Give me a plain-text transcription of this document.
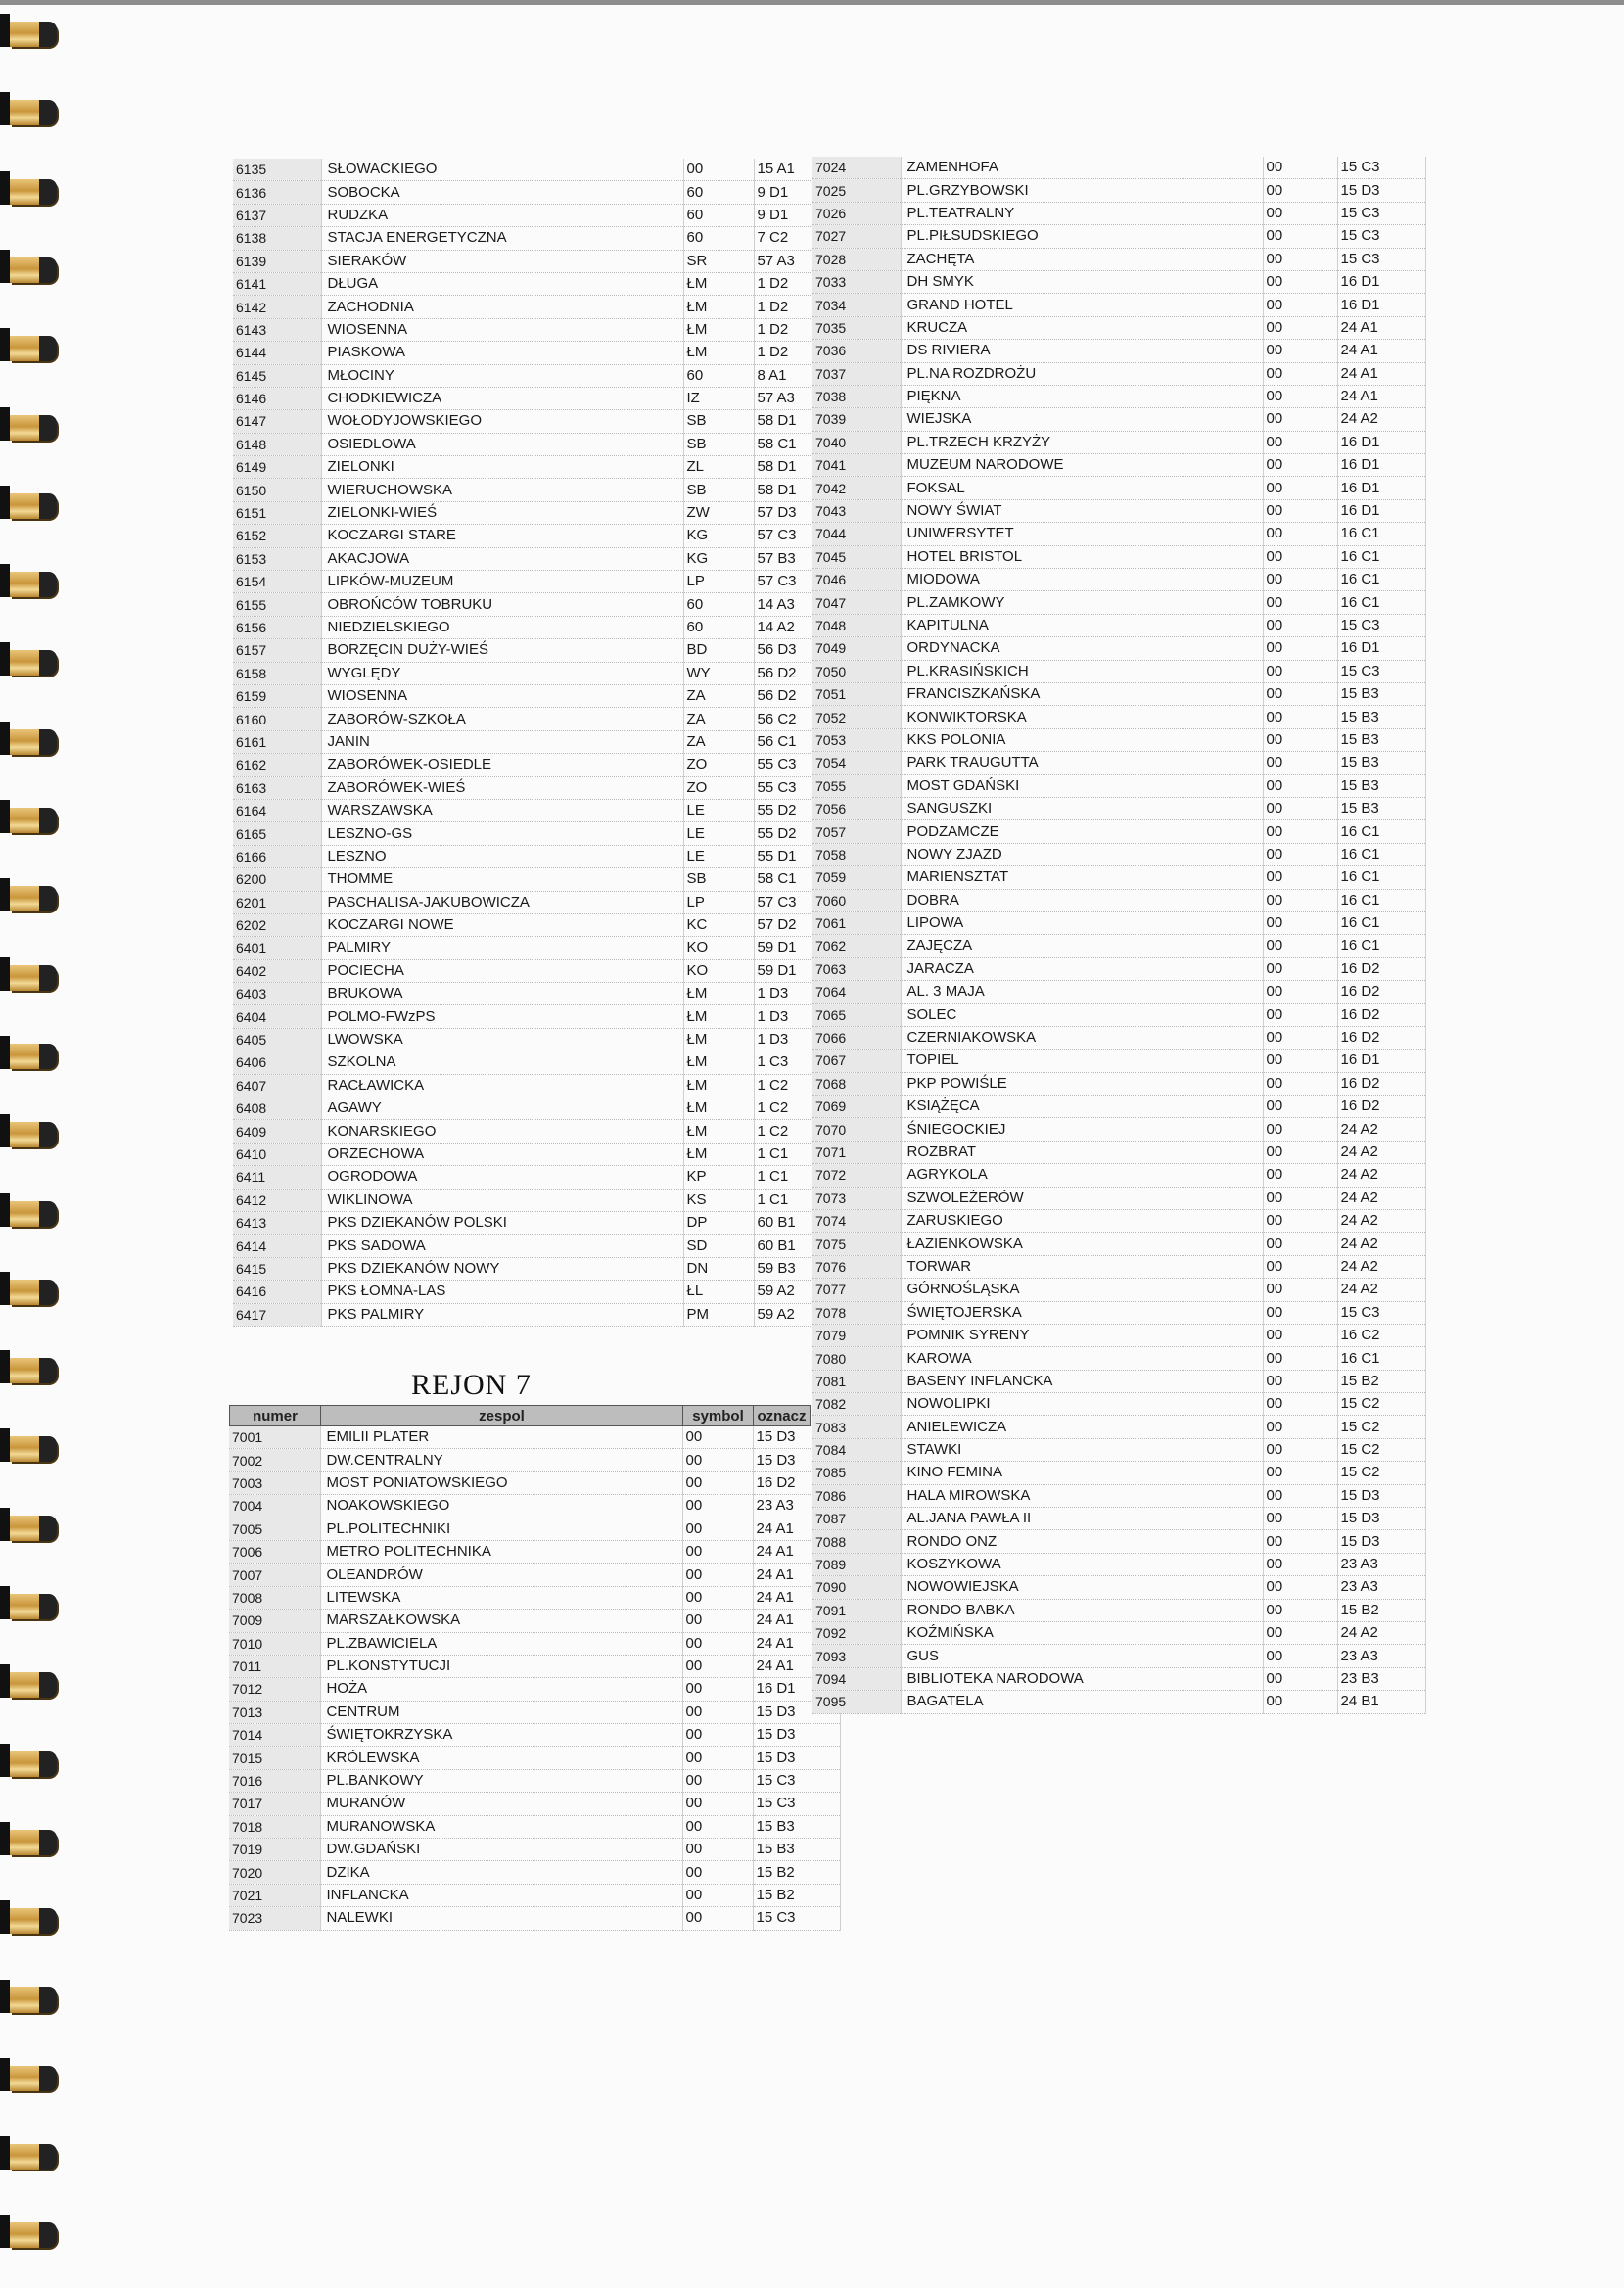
6135	SŁOWACKIEGO	00	15 A1
6136	SOBOCKA	60	9 D1
6137	RUDZKA	60	9 D1
6138	STACJA ENERGETYCZNA	60	7 C2
6139	SIERAKÓW	SR	57 A3
6141	DŁUGA	ŁM	1 D2
6142	ZACHODNIA	ŁM	1 D2
6143	WIOSENNA	ŁM	1 D2
6144	PIASKOWA	ŁM	1 D2
6145	MŁOCINY	60	8 A1
6146	CHODKIEWICZA	IZ	57 A3
6147	WOŁODYJOWSKIEGO	SB	58 D1
6148	OSIEDLOWA	SB	58 C1
6149	ZIELONKI	ZL	58 D1
6150	WIERUCHOWSKA	SB	58 D1
6151	ZIELONKI-WIEŚ	ZW	57 D3
6152	KOCZARGI STARE	KG	57 C3
6153	AKACJOWA	KG	57 B3
6154	LIPKÓW-MUZEUM	LP	57 C3
6155	OBROŃCÓW TOBRUKU	60	14 A3
6156	NIEDZIELSKIEGO	60	14 A2
6157	BORZĘCIN DUŻY-WIEŚ	BD	56 D3
6158	WYGLĘDY	WY	56 D2
6159	WIOSENNA	ZA	56 D2
6160	ZABORÓW-SZKOŁA	ZA	56 C2
6161	JANIN	ZA	56 C1
6162	ZABORÓWEK-OSIEDLE	ZO	55 C3
6163	ZABORÓWEK-WIEŚ	ZO	55 C3
6164	WARSZAWSKA	LE	55 D2
6165	LESZNO-GS	LE	55 D2
6166	LESZNO	LE	55 D1
6200	THOMME	SB	58 C1
6201	PASCHALISA-JAKUBOWICZA	LP	57 C3
6202	KOCZARGI NOWE	KC	57 D2
6401	PALMIRY	KO	59 D1
6402	POCIECHA	KO	59 D1
6403	BRUKOWA	ŁM	1 D3
6404	POLMO-FWzPS	ŁM	1 D3
6405	LWOWSKA	ŁM	1 D3
6406	SZKOLNA	ŁM	1 C3
6407	RACŁAWICKA	ŁM	1 C2
6408	AGAWY	ŁM	1 C2
6409	KONARSKIEGO	ŁM	1 C2
6410	ORZECHOWA	ŁM	1 C1
6411	OGRODOWA	KP	1 C1
6412	WIKLINOWA	KS	1 C1
6413	PKS DZIEKANÓW POLSKI	DP	60 B1
6414	PKS SADOWA	SD	60 B1
6415	PKS DZIEKANÓW NOWY	DN	59 B3
6416	PKS ŁOMNA-LAS	ŁL	59 A2
6417	PKS PALMIRY	PM	59 A2
REJON 7
numer	zespol	symbol	oznacz
7001	EMILII PLATER	00	15 D3
7002	DW.CENTRALNY	00	15 D3
7003	MOST PONIATOWSKIEGO	00	16 D2
7004	NOAKOWSKIEGO	00	23 A3
7005	PL.POLITECHNIKI	00	24 A1
7006	METRO POLITECHNIKA	00	24 A1
7007	OLEANDRÓW	00	24 A1
7008	LITEWSKA	00	24 A1
7009	MARSZAŁKOWSKA	00	24 A1
7010	PL.ZBAWICIELA	00	24 A1
7011	PL.KONSTYTUCJI	00	24 A1
7012	HOŻA	00	16 D1
7013	CENTRUM	00	15 D3
7014	ŚWIĘTOKRZYSKA	00	15 D3
7015	KRÓLEWSKA	00	15 D3
7016	PL.BANKOWY	00	15 C3
7017	MURANÓW	00	15 C3
7018	MURANOWSKA	00	15 B3
7019	DW.GDAŃSKI	00	15 B3
7020	DZIKA	00	15 B2
7021	INFLANCKA	00	15 B2
7023	NALEWKI	00	15 C3
7024	ZAMENHOFA	00	15 C3
7025	PL.GRZYBOWSKI	00	15 D3
7026	PL.TEATRALNY	00	15 C3
7027	PL.PIŁSUDSKIEGO	00	15 C3
7028	ZACHĘTA	00	15 C3
7033	DH SMYK	00	16 D1
7034	GRAND HOTEL	00	16 D1
7035	KRUCZA	00	24 A1
7036	DS RIVIERA	00	24 A1
7037	PL.NA ROZDROŻU	00	24 A1
7038	PIĘKNA	00	24 A1
7039	WIEJSKA	00	24 A2
7040	PL.TRZECH KRZYŻY	00	16 D1
7041	MUZEUM NARODOWE	00	16 D1
7042	FOKSAL	00	16 D1
7043	NOWY ŚWIAT	00	16 D1
7044	UNIWERSYTET	00	16 C1
7045	HOTEL BRISTOL	00	16 C1
7046	MIODOWA	00	16 C1
7047	PL.ZAMKOWY	00	16 C1
7048	KAPITULNA	00	15 C3
7049	ORDYNACKA	00	16 D1
7050	PL.KRASIŃSKICH	00	15 C3
7051	FRANCISZKAŃSKA	00	15 B3
7052	KONWIKTORSKA	00	15 B3
7053	KKS POLONIA	00	15 B3
7054	PARK TRAUGUTTA	00	15 B3
7055	MOST GDAŃSKI	00	15 B3
7056	SANGUSZKI	00	15 B3
7057	PODZAMCZE	00	16 C1
7058	NOWY ZJAZD	00	16 C1
7059	MARIENSZTAT	00	16 C1
7060	DOBRA	00	16 C1
7061	LIPOWA	00	16 C1
7062	ZAJĘCZA	00	16 C1
7063	JARACZA	00	16 D2
7064	AL. 3 MAJA	00	16 D2
7065	SOLEC	00	16 D2
7066	CZERNIAKOWSKA	00	16 D2
7067	TOPIEL	00	16 D1
7068	PKP POWIŚLE	00	16 D2
7069	KSIĄŻĘCA	00	16 D2
7070	ŚNIEGOCKIEJ	00	24 A2
7071	ROZBRAT	00	24 A2
7072	AGRYKOLA	00	24 A2
7073	SZWOLEŻERÓW	00	24 A2
7074	ZARUSKIEGO	00	24 A2
7075	ŁAZIENKOWSKA	00	24 A2
7076	TORWAR	00	24 A2
7077	GÓRNOŚLĄSKA	00	24 A2
7078	ŚWIĘTOJERSKA	00	15 C3
7079	POMNIK SYRENY	00	16 C2
7080	KAROWA	00	16 C1
7081	BASENY INFLANCKA	00	15 B2
7082	NOWOLIPKI	00	15 C2
7083	ANIELEWICZA	00	15 C2
7084	STAWKI	00	15 C2
7085	KINO FEMINA	00	15 C2
7086	HALA MIROWSKA	00	15 D3
7087	AL.JANA PAWŁA II	00	15 D3
7088	RONDO ONZ	00	15 D3
7089	KOSZYKOWA	00	23 A3
7090	NOWOWIEJSKA	00	23 A3
7091	RONDO BABKA	00	15 B2
7092	KOŹMIŃSKA	00	24 A2
7093	GUS	00	23 A3
7094	BIBLIOTEKA NARODOWA	00	23 B3
7095	BAGATELA	00	24 B1
